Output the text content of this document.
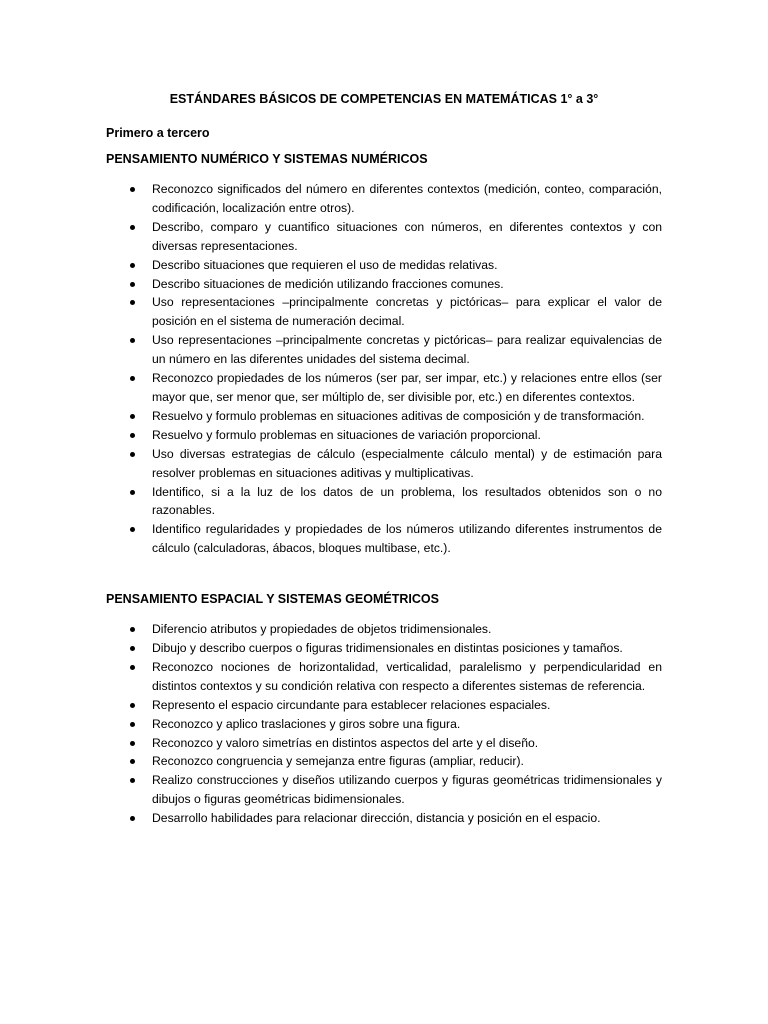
ESTÁNDARES BÁSICOS DE COMPETENCIAS EN MATEMÁTICAS 1° a 3°
Primero a tercero
PENSAMIENTO NUMÉRICO Y SISTEMAS NUMÉRICOS
Reconozco significados del número en diferentes contextos (medición, conteo, comparación, codificación, localización entre otros).
Describo, comparo y cuantifico situaciones con números, en diferentes contextos y con diversas representaciones.
Describo situaciones que requieren el uso de medidas relativas.
Describo situaciones de medición utilizando fracciones comunes.
Uso representaciones –principalmente concretas y pictóricas– para explicar el valor de posición en el sistema de numeración decimal.
Uso representaciones –principalmente concretas y pictóricas– para realizar equivalencias de un número en las diferentes unidades del sistema decimal.
Reconozco propiedades de los números (ser par, ser impar, etc.) y relaciones entre ellos (ser mayor que, ser menor que, ser múltiplo de, ser divisible por, etc.) en diferentes contextos.
Resuelvo y formulo problemas en situaciones aditivas de composición y de transformación.
Resuelvo y formulo problemas en situaciones de variación proporcional.
Uso diversas estrategias de cálculo (especialmente cálculo mental) y de estimación para resolver problemas en situaciones aditivas y multiplicativas.
Identifico, si a la luz de los datos de un problema, los resultados obtenidos son o no razonables.
Identifico regularidades y propiedades de los números utilizando diferentes instrumentos de cálculo (calculadoras, ábacos, bloques multibase, etc.).
PENSAMIENTO ESPACIAL Y SISTEMAS GEOMÉTRICOS
Diferencio atributos y propiedades de objetos tridimensionales.
Dibujo y describo cuerpos o figuras tridimensionales en distintas posiciones y tamaños.
Reconozco nociones de horizontalidad, verticalidad, paralelismo y perpendicularidad en distintos contextos y su condición relativa con respecto a diferentes sistemas de referencia.
Represento el espacio circundante para establecer relaciones espaciales.
Reconozco y aplico traslaciones y giros sobre una figura.
Reconozco y valoro simetrías en distintos aspectos del arte y el diseño.
Reconozco congruencia y semejanza entre figuras (ampliar, reducir).
Realizo construcciones y diseños utilizando cuerpos y figuras geométricas tridimensionales y dibujos o figuras geométricas bidimensionales.
Desarrollo habilidades para relacionar dirección, distancia y posición en el espacio.
